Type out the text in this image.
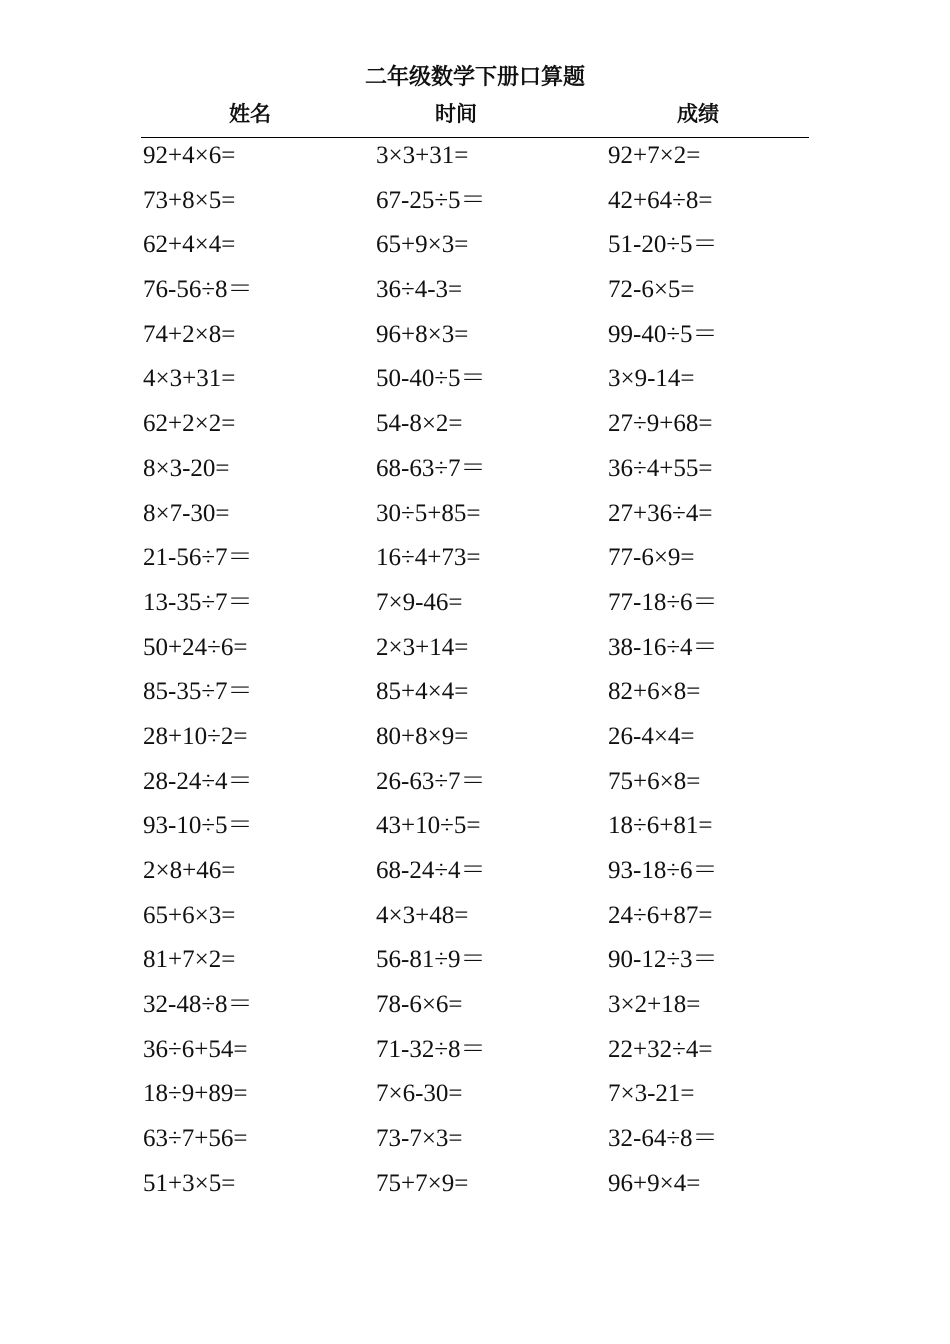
二年级数学下册口算题
姓名	时间	成绩
92+4×6=	3×3+31=	92+7×2=
73+8×5=	67-25÷5＝	42+64÷8=
62+4×4=	65+9×3=	51-20÷5＝
76-56÷8＝	36÷4-3=	72-6×5=
74+2×8=	96+8×3=	99-40÷5＝
4×3+31=	50-40÷5＝	3×9-14=
62+2×2=	54-8×2=	27÷9+68=
8×3-20=	68-63÷7＝	36÷4+55=
8×7-30=	30÷5+85=	27+36÷4=
21-56÷7＝	16÷4+73=	77-6×9=
13-35÷7＝	7×9-46=	77-18÷6＝
50+24÷6=	2×3+14=	38-16÷4＝
85-35÷7＝	85+4×4=	82+6×8=
28+10÷2=	80+8×9=	26-4×4=
28-24÷4＝	26-63÷7＝	75+6×8=
93-10÷5＝	43+10÷5=	18÷6+81=
2×8+46=	68-24÷4＝	93-18÷6＝
65+6×3=	4×3+48=	24÷6+87=
81+7×2=	56-81÷9＝	90-12÷3＝
32-48÷8＝	78-6×6=	3×2+18=
36÷6+54=	71-32÷8＝	22+32÷4=
18÷9+89=	7×6-30=	7×3-21=
63÷7+56=	73-7×3=	32-64÷8＝
51+3×5=	75+7×9=	96+9×4=
